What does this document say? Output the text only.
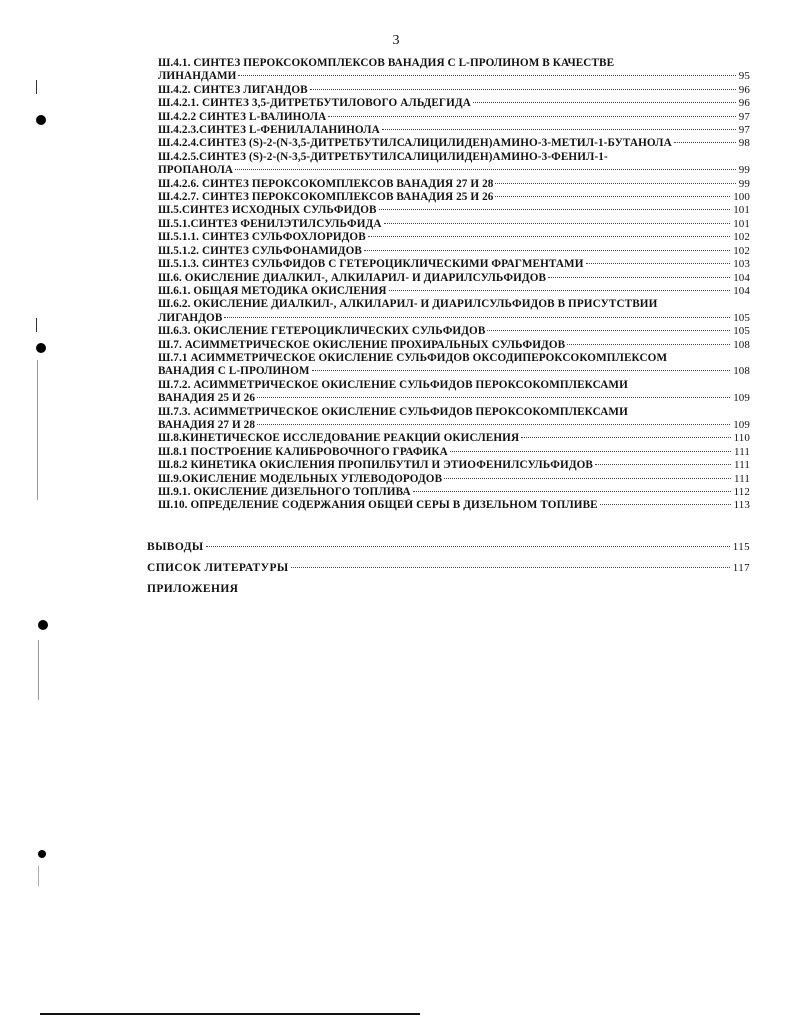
3
Ш.4.1. СИНТЕЗ ПЕРОКСОКОМПЛЕКСОВ ВАНАДИЯ С L-ПРОЛИНОМ В КАЧЕСТВЕ
ЛИНАНДАМИ	95
Ш.4.2. СИНТЕЗ ЛИГАНДОВ	96
Ш.4.2.1. СИНТЕЗ 3,5-ДИТРЕТБУТИЛОВОГО АЛЬДЕГИДА	96
Ш.4.2.2 СИНТЕЗ L-ВАЛИНОЛА	97
Ш.4.2.3.СИНТЕЗ L-ФЕНИЛАЛАНИНОЛА	97
Ш.4.2.4.СИНТЕЗ (S)-2-(N-3,5-ДИТРЕТБУТИЛСАЛИЦИЛИДЕН)АМИНО-3-МЕТИЛ-1-БУТАНОЛА	98
Ш.4.2.5.СИНТЕЗ (S)-2-(N-3,5-ДИТРЕТБУТИЛСАЛИЦИЛИДЕН)АМИНО-3-ФЕНИЛ-1-
ПРОПАНОЛА	99
Ш.4.2.6. СИНТЕЗ ПЕРОКСОКОМПЛЕКСОВ ВАНАДИЯ 27 И 28	99
Ш.4.2.7. СИНТЕЗ ПЕРОКСОКОМПЛЕКСОВ ВАНАДИЯ 25 И 26	100
Ш.5.СИНТЕЗ ИСХОДНЫХ СУЛЬФИДОВ	101
Ш.5.1.СИНТЕЗ ФЕНИЛЭТИЛСУЛЬФИДА	101
Ш.5.1.1. СИНТЕЗ СУЛЬФОХЛОРИДОВ	102
Ш.5.1.2. СИНТЕЗ СУЛЬФОНАМИДОВ	102
Ш.5.1.3. СИНТЕЗ СУЛЬФИДОВ С ГЕТЕРОЦИКЛИЧЕСКИМИ ФРАГМЕНТАМИ	103
Ш.6. ОКИСЛЕНИЕ ДИАЛКИЛ-, АЛКИЛАРИЛ- И ДИАРИЛСУЛЬФИДОВ	104
Ш.6.1. ОБЩАЯ МЕТОДИКА ОКИСЛЕНИЯ	104
Ш.6.2. ОКИСЛЕНИЕ ДИАЛКИЛ-, АЛКИЛАРИЛ- И ДИАРИЛСУЛЬФИДОВ В ПРИСУТСТВИИ
ЛИГАНДОВ	105
Ш.6.3. ОКИСЛЕНИЕ ГЕТЕРОЦИКЛИЧЕСКИХ СУЛЬФИДОВ	105
Ш.7. АСИММЕТРИЧЕСКОЕ ОКИСЛЕНИЕ ПРОХИРАЛЬНЫХ СУЛЬФИДОВ	108
Ш.7.1 АСИММЕТРИЧЕСКОЕ ОКИСЛЕНИЕ СУЛЬФИДОВ ОКСОДИПЕРОКСОКОМПЛЕКСОМ
ВАНАДИЯ С L-ПРОЛИНОМ	108
Ш.7.2. АСИММЕТРИЧЕСКОЕ ОКИСЛЕНИЕ СУЛЬФИДОВ ПЕРОКСОКОМПЛЕКСАМИ
ВАНАДИЯ 25 И 26	109
Ш.7.3. АСИММЕТРИЧЕСКОЕ ОКИСЛЕНИЕ СУЛЬФИДОВ ПЕРОКСОКОМПЛЕКСАМИ
ВАНАДИЯ 27 И 28	109
Ш.8.КИНЕТИЧЕСКОЕ ИССЛЕДОВАНИЕ РЕАКЦИЙ ОКИСЛЕНИЯ	110
Ш.8.1 ПОСТРОЕНИЕ КАЛИБРОВОЧНОГО ГРАФИКА	111
Ш.8.2 КИНЕТИКА ОКИСЛЕНИЯ ПРОПИЛБУТИЛ И ЭТИОФЕНИЛСУЛЬФИДОВ	111
Ш.9.ОКИСЛЕНИЕ МОДЕЛЬНЫХ УГЛЕВОДОРОДОВ	111
Ш.9.1. ОКИСЛЕНИЕ ДИЗЕЛЬНОГО ТОПЛИВА	112
Ш.10. ОПРЕДЕЛЕНИЕ СОДЕРЖАНИЯ ОБЩЕЙ СЕРЫ В ДИЗЕЛЬНОМ ТОПЛИВЕ	113
ВЫВОДЫ	115
СПИСОК ЛИТЕРАТУРЫ	117
ПРИЛОЖЕНИЯ
